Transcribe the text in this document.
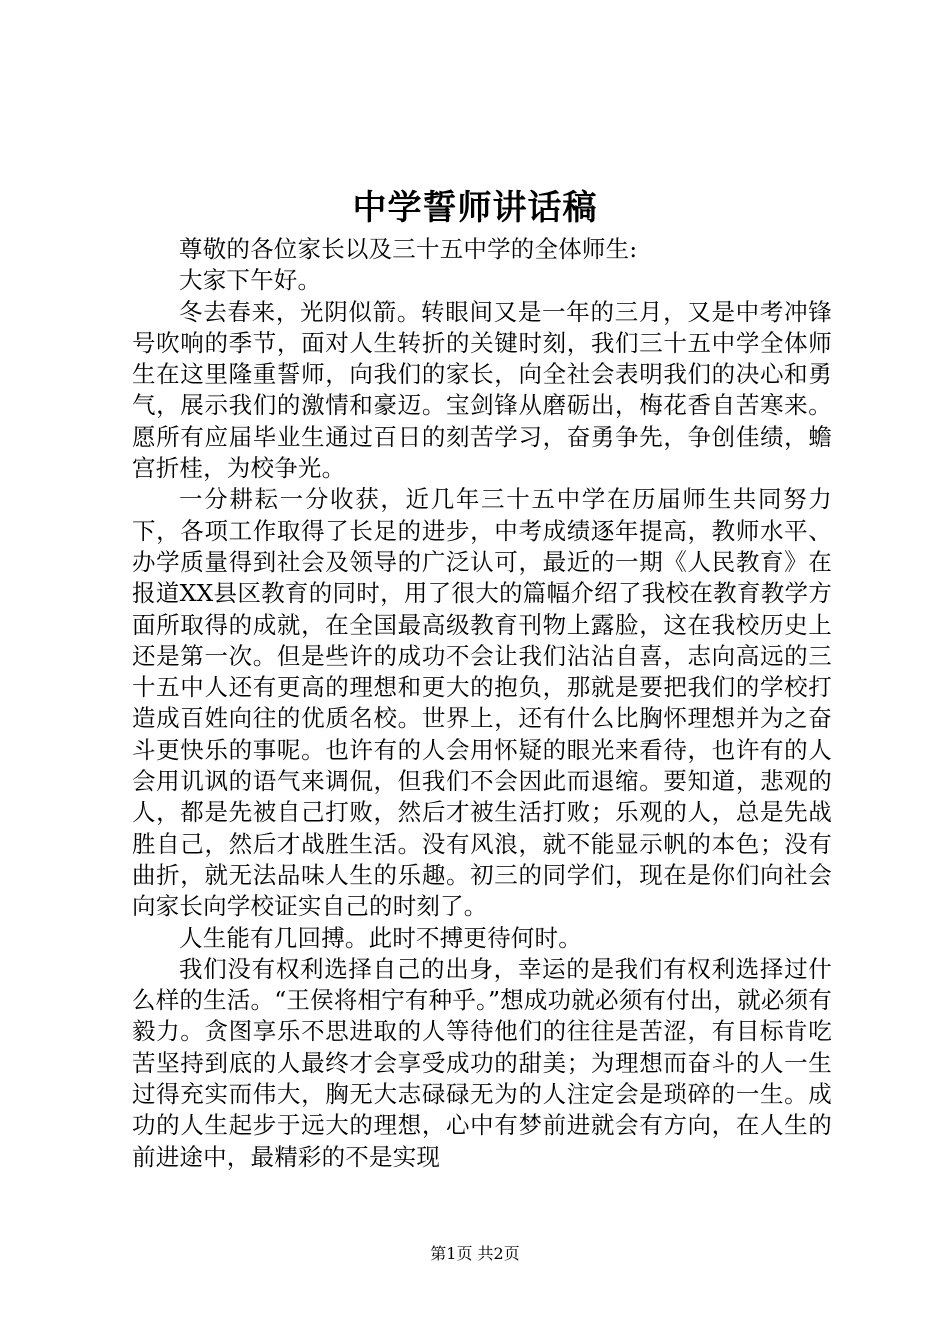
中学誓师讲话稿

尊敬的各位家长以及三十五中学的全体师生:

大家下午好。

冬去春来，光阴似箭。转眼间又是一年的三月，又是中考冲锋号吹响的季节，面对人生转折的关键时刻，我们三十五中学全体师生在这里隆重誓师，向我们的家长，向全社会表明我们的决心和勇气，展示我们的激情和豪迈。宝剑锋从磨砺出，梅花香自苦寒来。愿所有应届毕业生通过百日的刻苦学习，奋勇争先，争创佳绩，蟾宫折桂，为校争光。

一分耕耘一分收获，近几年三十五中学在历届师生共同努力下，各项工作取得了长足的进步，中考成绩逐年提高，教师水平、办学质量得到社会及领导的广泛认可，最近的一期《人民教育》在报道XX县区教育的同时，用了很大的篇幅介绍了我校在教育教学方面所取得的成就，在全国最高级教育刊物上露脸，这在我校历史上还是第一次。但是些许的成功不会让我们沾沾自喜，志向高远的三十五中人还有更高的理想和更大的抱负，那就是要把我们的学校打造成百姓向往的优质名校。世界上，还有什么比胸怀理想并为之奋斗更快乐的事呢。也许有的人会用怀疑的眼光来看待，也许有的人会用讥讽的语气来调侃，但我们不会因此而退缩。要知道，悲观的人，都是先被自己打败，然后才被生活打败；乐观的人，总是先战胜自己，然后才战胜生活。没有风浪，就不能显示帆的本色；没有曲折，就无法品味人生的乐趣。初三的同学们，现在是你们向社会向家长向学校证实自己的时刻了。

人生能有几回搏。此时不搏更待何时。

我们没有权利选择自己的出身，幸运的是我们有权利选择过什么样的生活。“王侯将相宁有种乎。”想成功就必须有付出，就必须有毅力。贪图享乐不思进取的人等待他们的往往是苦涩，有目标肯吃苦坚持到底的人最终才会享受成功的甜美；为理想而奋斗的人一生过得充实而伟大，胸无大志碌碌无为的人注定会是琐碎的一生。成功的人生起步于远大的理想，心中有梦前进就会有方向，在人生的前进途中，最精彩的不是实现

第1页 共2页
